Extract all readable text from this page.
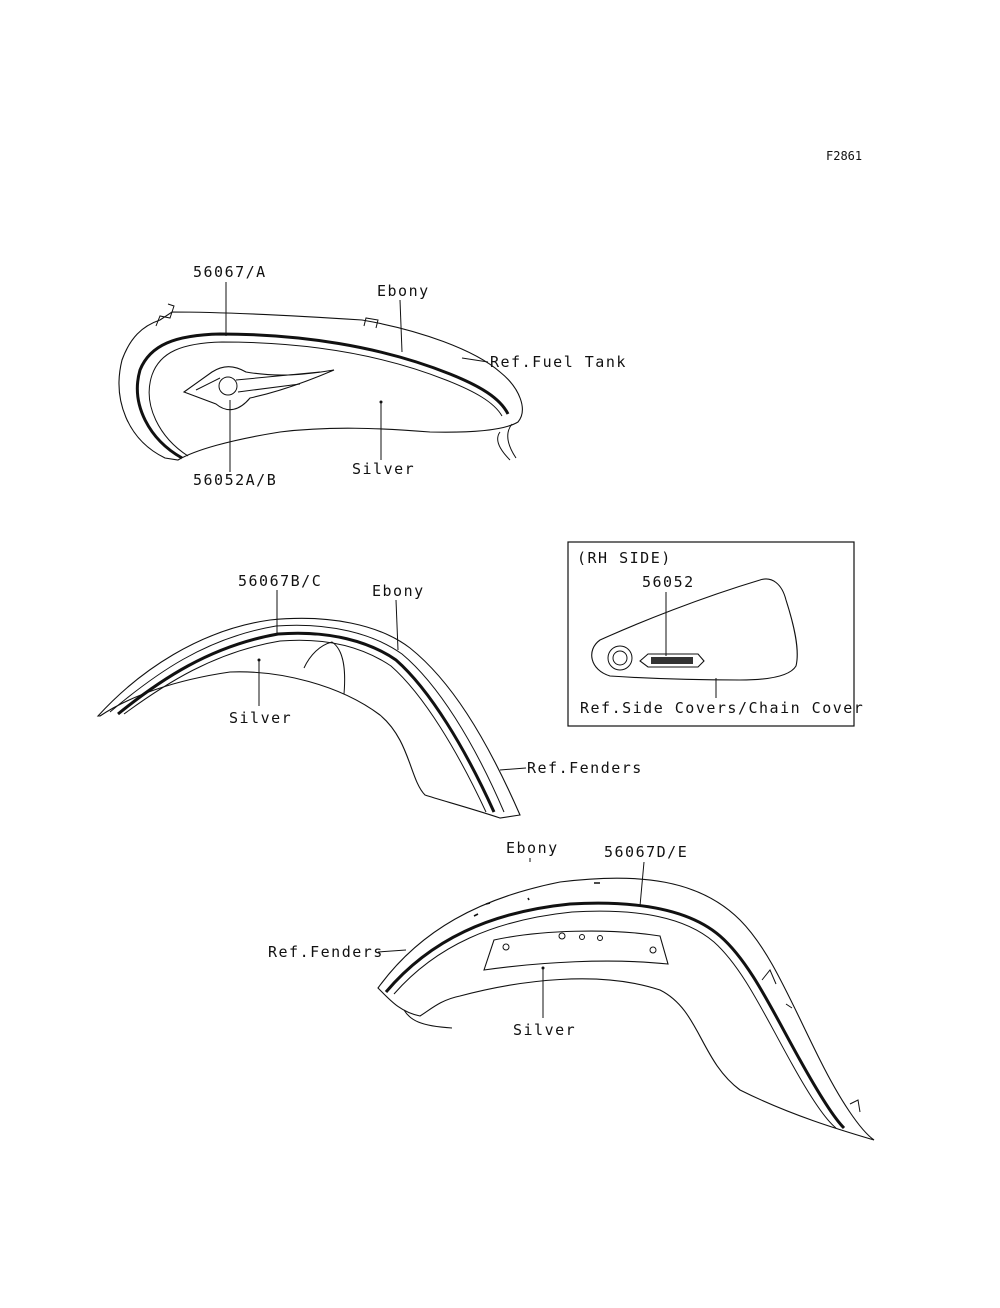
F2861
56067/A
Ebony
Ref.Fuel Tank
56052A/B
Silver
56067B/C
Ebony
Silver
Ref.Fenders
(RH SIDE)
56052
Ref.Side Covers/Chain Cover
Ebony	56067D/E
Ref.Fenders
Silver
